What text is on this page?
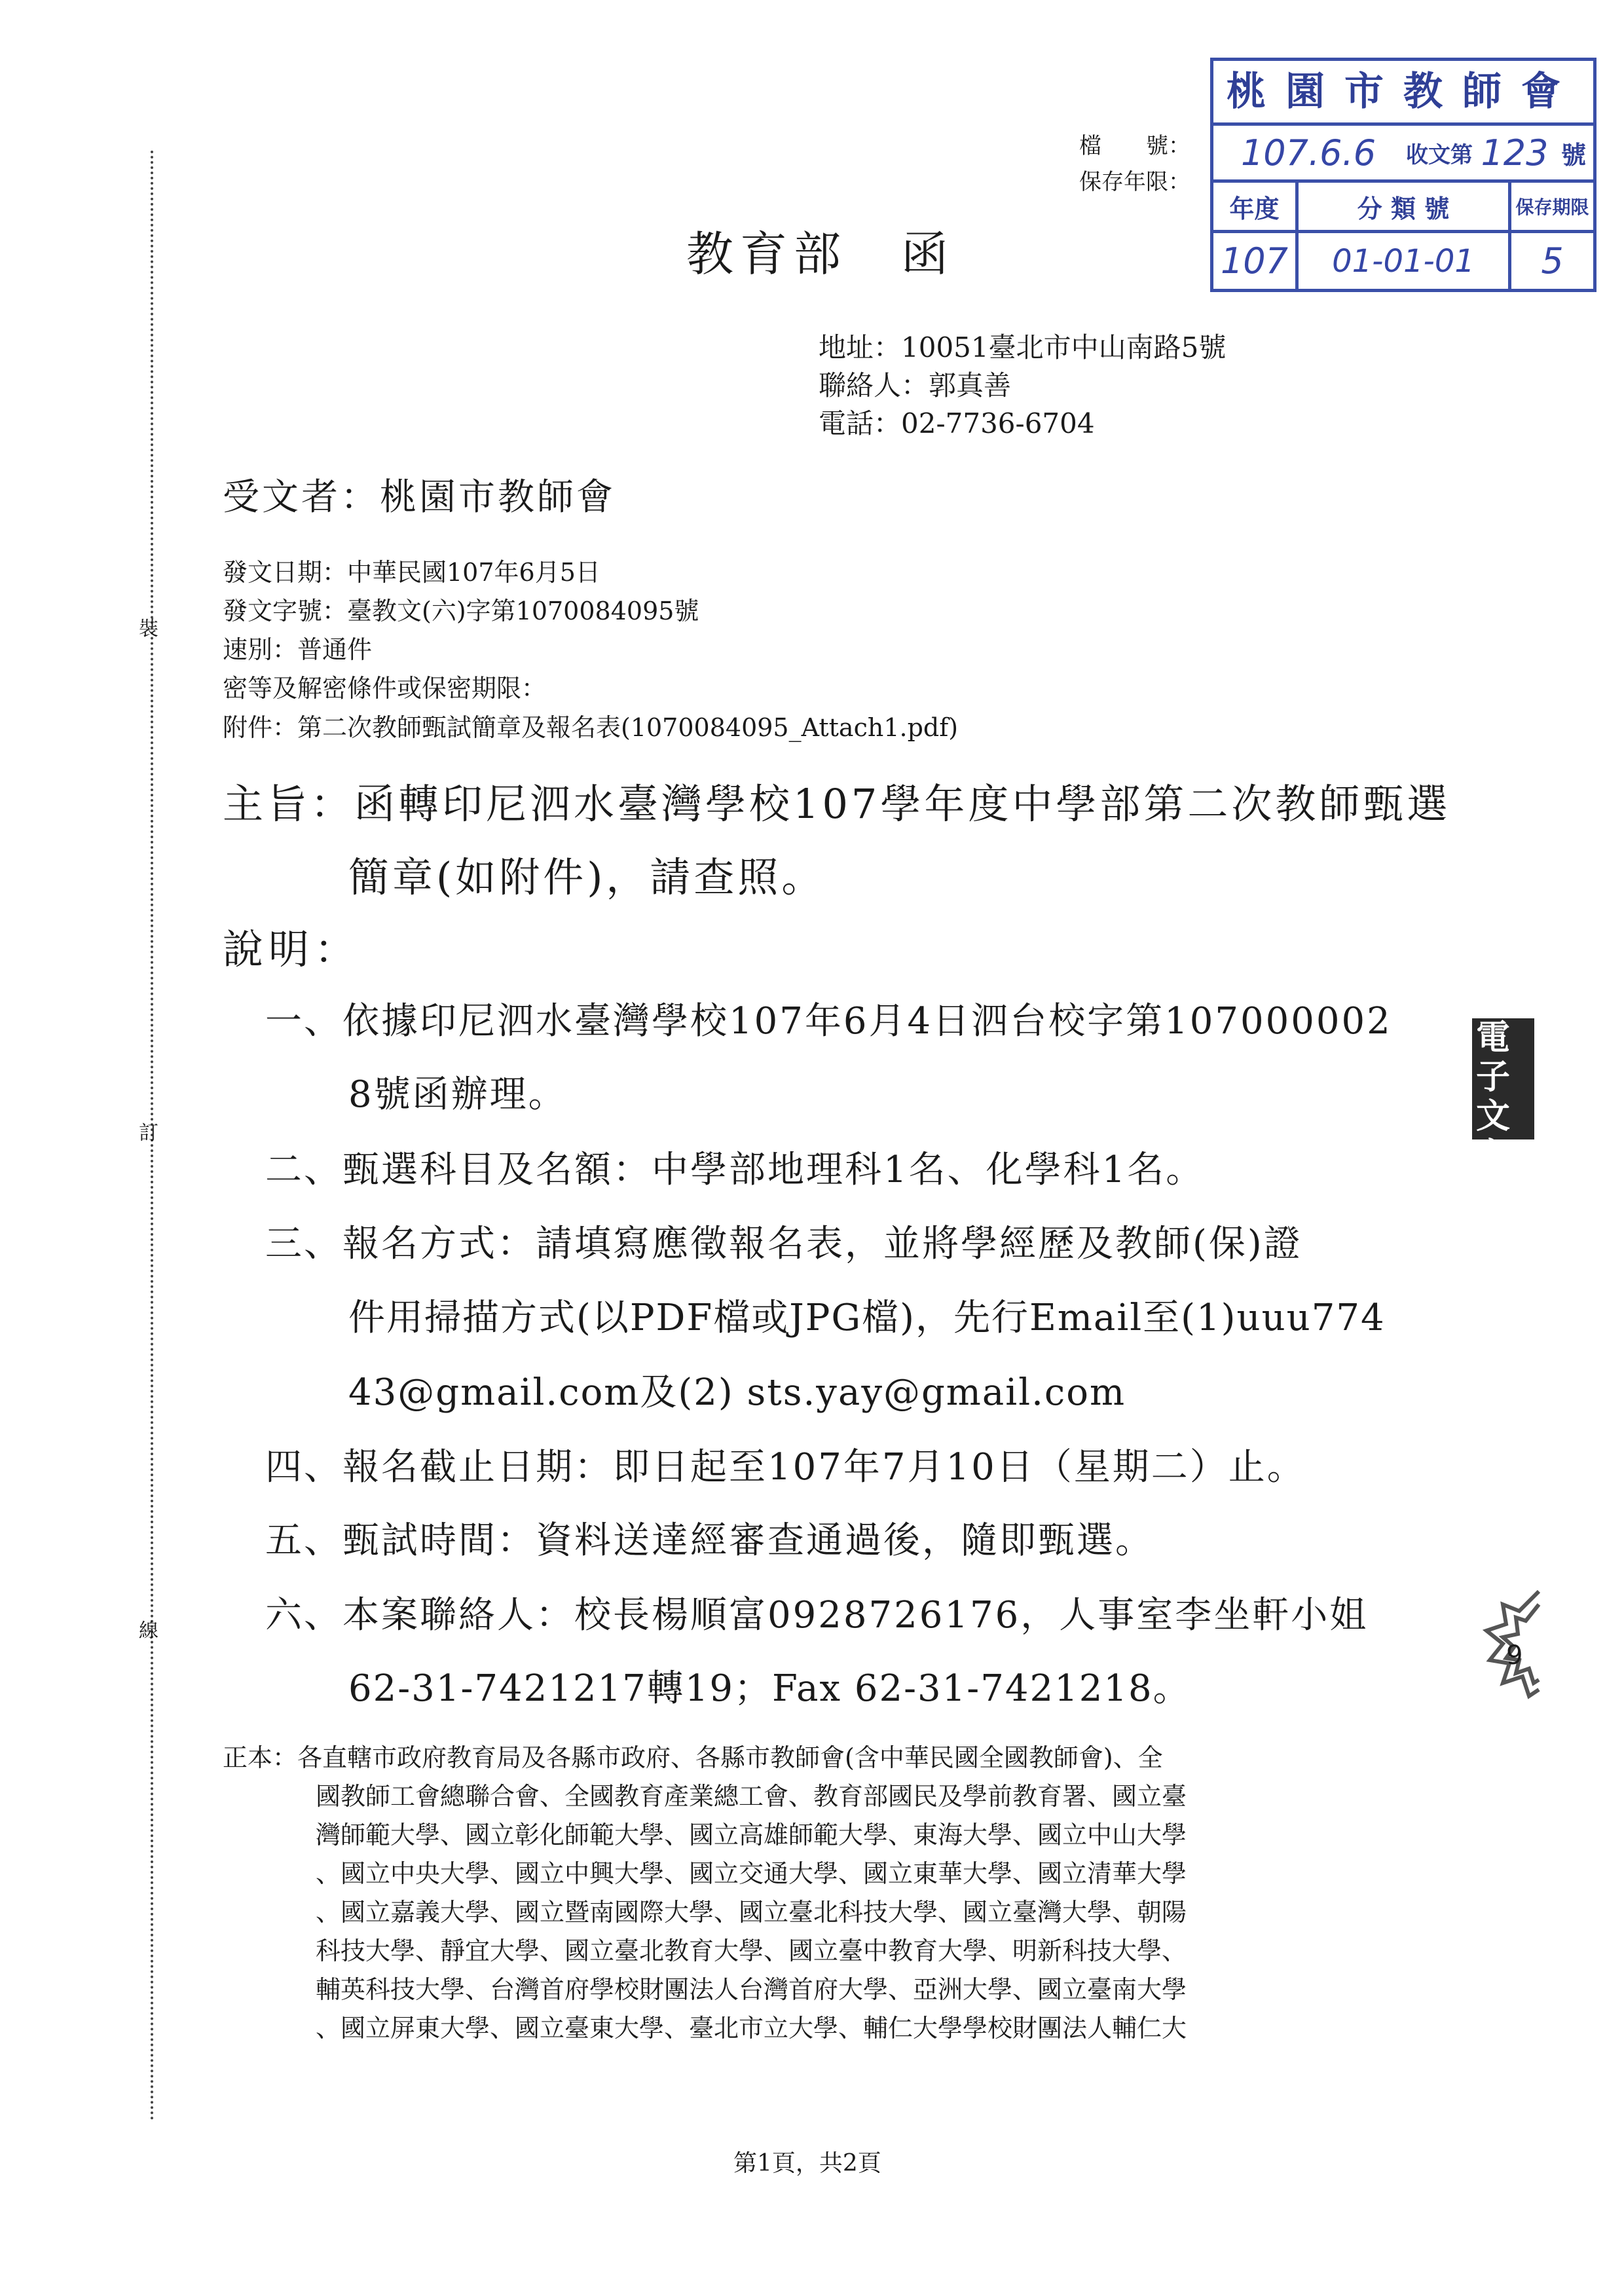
裝
訂
線
檔　　號：
保存年限：
桃園市教師會
107.6.6	收文第 123 號
年度	分 類 號	保存期限
107	01-01-01	5
教育部　函
地址：10051臺北市中山南路5號
聯絡人：郭真善
電話：02-7736-6704
受文者：桃園市教師會
發文日期：中華民國107年6月5日
發文字號：臺教文(六)字第1070084095號
速別：普通件
密等及解密條件或保密期限：
附件：第二次教師甄試簡章及報名表(1070084095_Attach1.pdf)
主旨：函轉印尼泗水臺灣學校107學年度中學部第二次教師甄選
簡章(如附件)，請查照。
說明：
一、依據印尼泗水臺灣學校107年6月4日泗台校字第107000002
8號函辦理。
二、甄選科目及名額：中學部地理科1名、化學科1名。
三、報名方式：請填寫應徵報名表，並將學經歷及教師(保)證
件用掃描方式(以PDF檔或JPG檔)，先行Email至(1)uuu774
43@gmail.com及(2) sts.yay@gmail.com
四、報名截止日期：即日起至107年7月10日（星期二）止。
五、甄試時間：資料送達經審查通過後，隨即甄選。
六、本案聯絡人：校長楊順富0928726176，人事室李坐軒小姐
62-31-7421217轉19；Fax 62-31-7421218。
正本：各直轄市政府教育局及各縣市政府、各縣市教師會(含中華民國全國教師會)、全
國教師工會總聯合會、全國教育產業總工會、教育部國民及學前教育署、國立臺
灣師範大學、國立彰化師範大學、國立高雄師範大學、東海大學、國立中山大學
、國立中央大學、國立中興大學、國立交通大學、國立東華大學、國立清華大學
、國立嘉義大學、國立暨南國際大學、國立臺北科技大學、國立臺灣大學、朝陽
科技大學、靜宜大學、國立臺北教育大學、國立臺中教育大學、明新科技大學、
輔英科技大學、台灣首府學校財團法人台灣首府大學、亞洲大學、國立臺南大學
、國立屏東大學、國立臺東大學、臺北市立大學、輔仁大學學校財團法人輔仁大
電子
文交
時紀
9
第1頁，共2頁
